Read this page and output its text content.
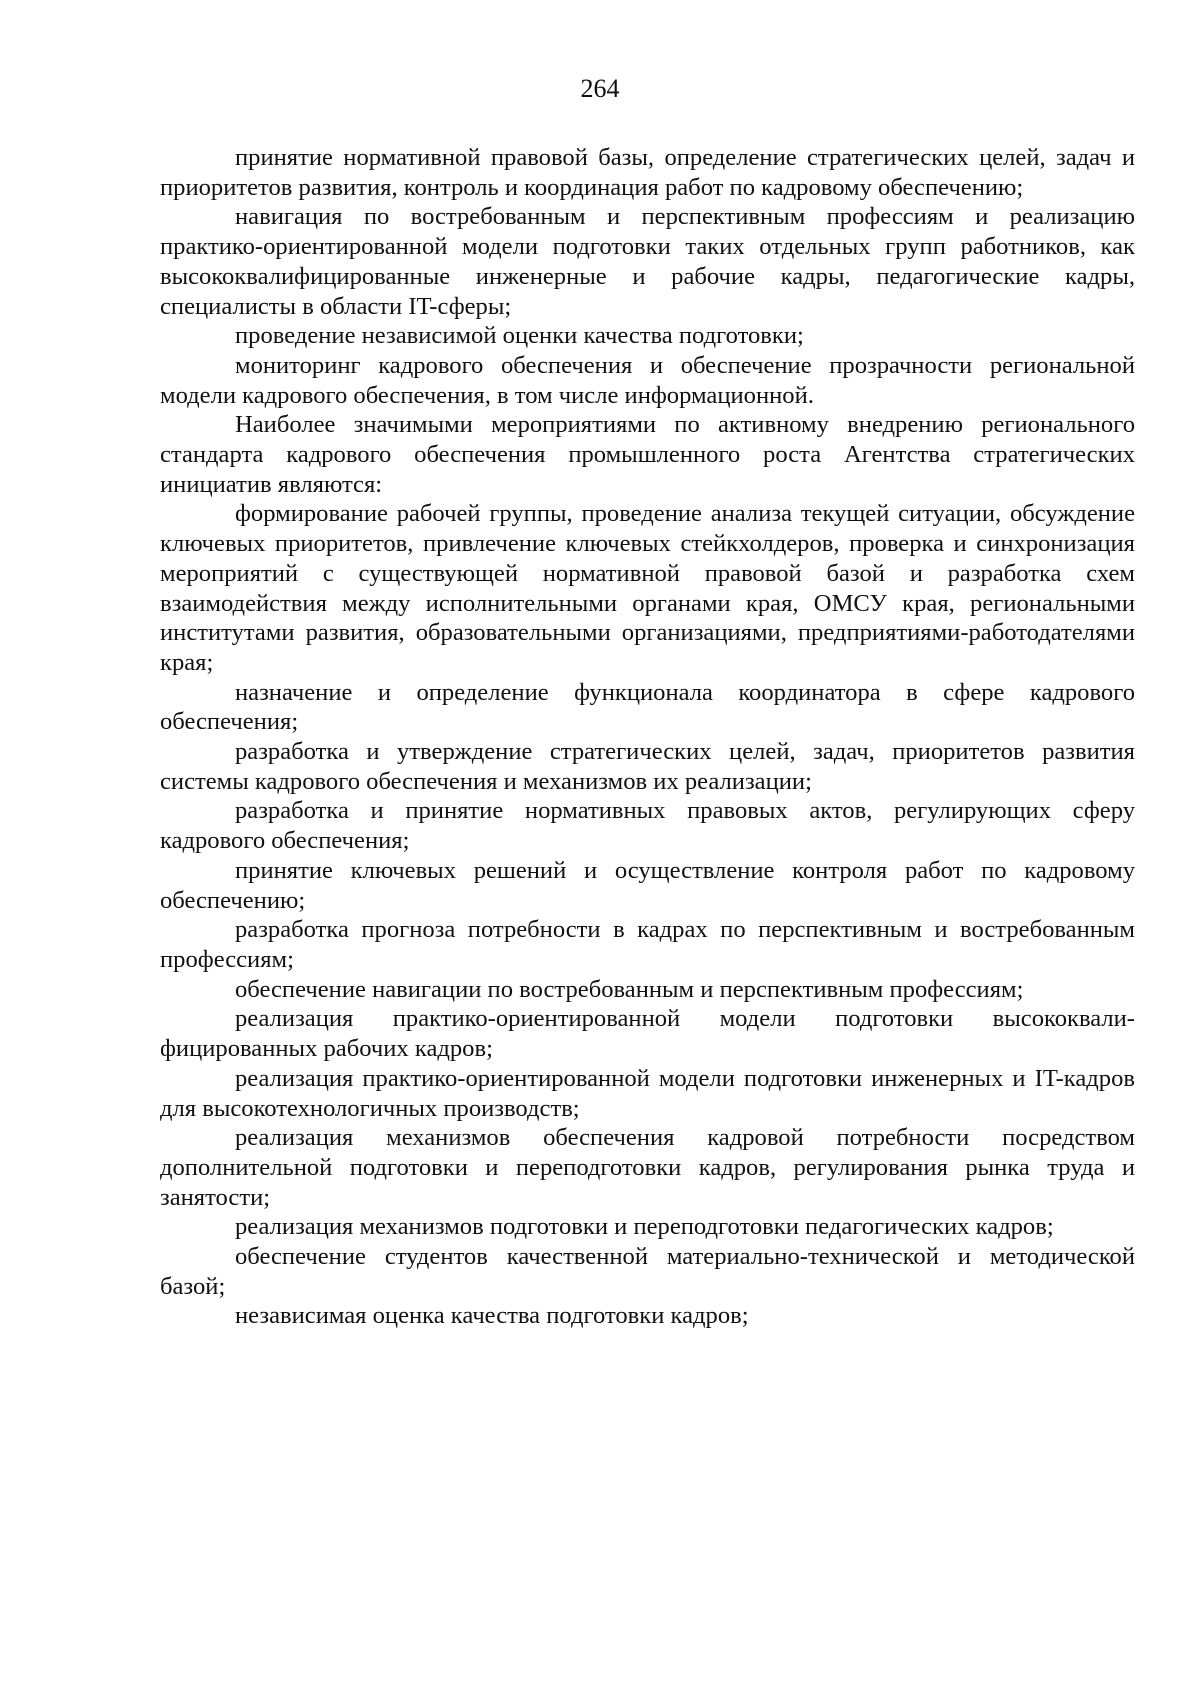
264

принятие нормативной правовой базы, определение стратегических целей, задач и приоритетов развития, контроль и координация работ по кадровому обеспечению;

навигация по востребованным и перспективным профессиям и реализацию практико-ориентированной модели подготовки таких отдельных групп работников, как высококвалифицированные инженерные и рабочие кадры, педагогические кадры, специалисты в области IT-сферы;

проведение независимой оценки качества подготовки;

мониторинг кадрового обеспечения и обеспечение прозрачности региональной модели кадрового обеспечения, в том числе информационной.

Наиболее значимыми мероприятиями по активному внедрению регионального стандарта кадрового обеспечения промышленного роста Агентства стратегических инициатив являются:

формирование рабочей группы, проведение анализа текущей ситуации, обсуждение ключевых приоритетов, привлечение ключевых стейкхолдеров, проверка и синхронизация мероприятий с существующей нормативной правовой базой и разработка схем взаимодействия между исполнительными органами края, ОМСУ края, региональными институтами развития, образовательными организациями, предприятиями-работодателями края;

назначение и определение функционала координатора в сфере кадрового обеспечения;

разработка и утверждение стратегических целей, задач, приоритетов развития системы кадрового обеспечения и механизмов их реализации;

разработка и принятие нормативных правовых актов, регулирующих сферу кадрового обеспечения;

принятие ключевых решений и осуществление контроля работ по кадровому обеспечению;

разработка прогноза потребности в кадрах по перспективным и востребованным профессиям;

обеспечение навигации по востребованным и перспективным профессиям;

реализация практико-ориентированной модели подготовки высококвалифицированных рабочих кадров;

реализация практико-ориентированной модели подготовки инженерных и IT-кадров для высокотехнологичных производств;

реализация механизмов обеспечения кадровой потребности посредством дополнительной подготовки и переподготовки кадров, регулирования рынка труда и занятости;

реализация механизмов подготовки и переподготовки педагогических кадров;

обеспечение студентов качественной материально-технической и методической базой;

независимая оценка качества подготовки кадров;
